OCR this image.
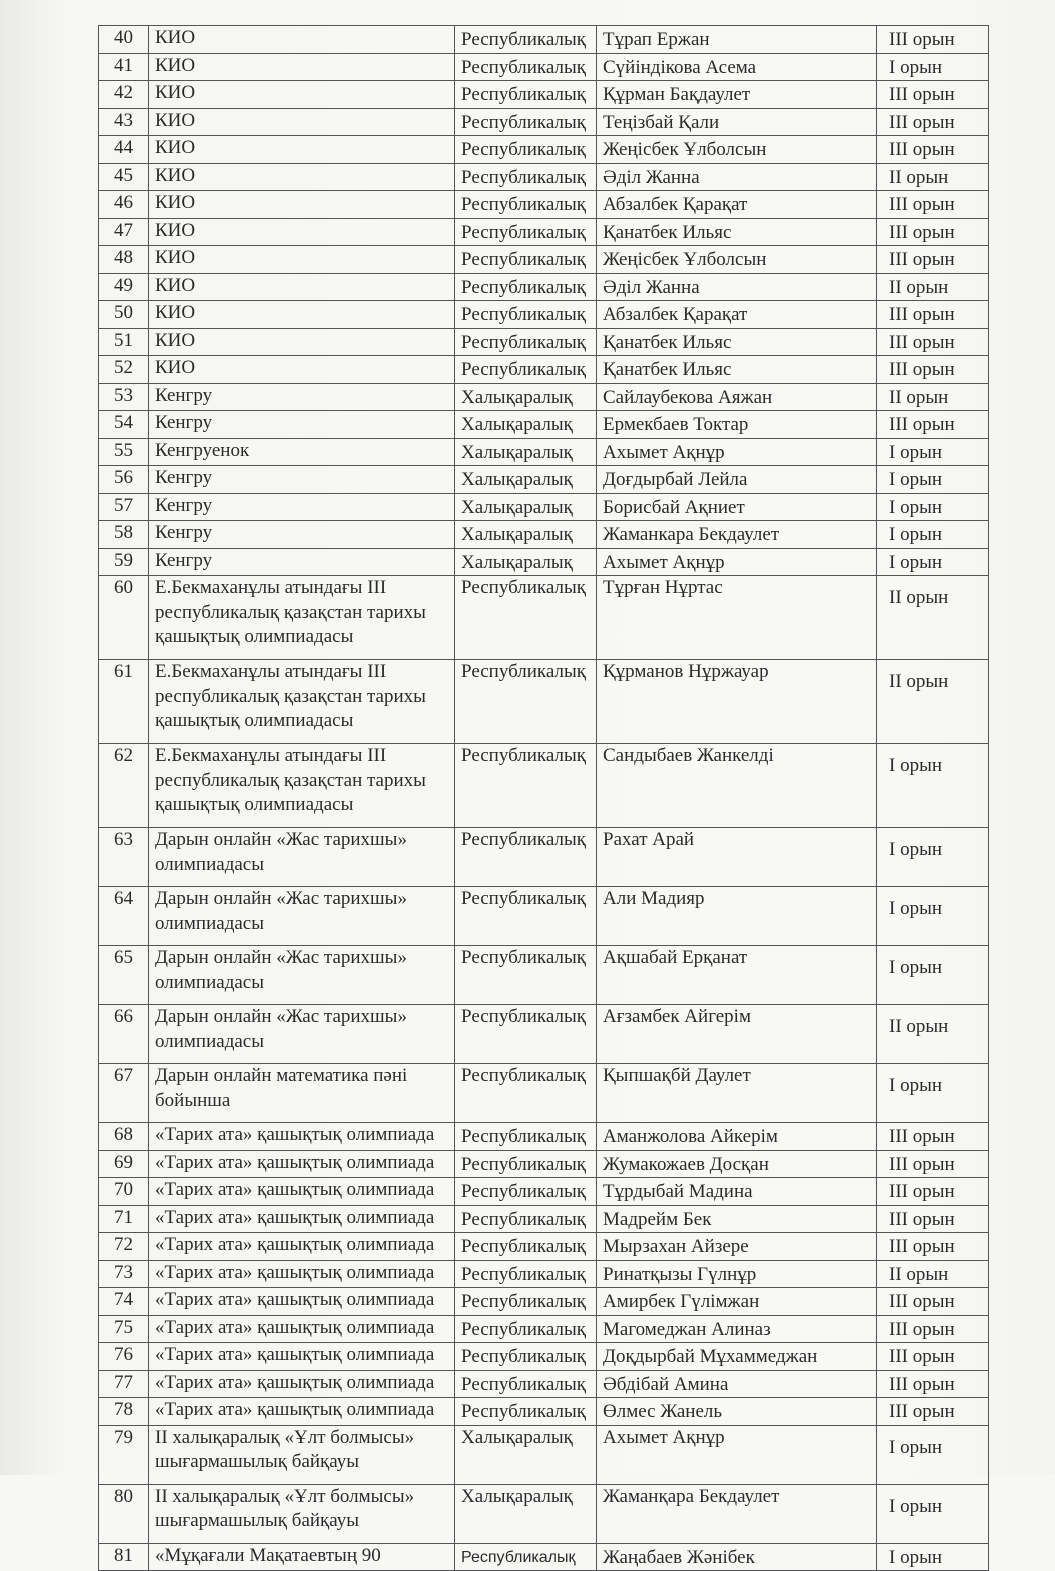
40	КИО	Республикалық	Тұрап Ержан	III орын
41	КИО	Республикалық	Сүйіндікова Асема	I орын
42	КИО	Республикалық	Құрман Бақдаулет	III орын
43	КИО	Республикалық	Теңізбай Қали	III орын
44	КИО	Республикалық	Жеңісбек Ұлболсын	III орын
45	КИО	Республикалық	Әділ Жанна	II орын
46	КИО	Республикалық	Абзалбек Қарақат	III орын
47	КИО	Республикалық	Қанатбек Ильяс	III орын
48	КИО	Республикалық	Жеңісбек Ұлболсын	III орын
49	КИО	Республикалық	Әділ Жанна	II орын
50	КИО	Республикалық	Абзалбек Қарақат	III орын
51	КИО	Республикалық	Қанатбек Ильяс	III орын
52	КИО	Республикалық	Қанатбек Ильяс	III орын
53	Кенгру	Халықаралық	Сайлаубекова Аяжан	II орын
54	Кенгру	Халықаралық	Ермекбаев Токтар	III орын
55	Кенгруенок	Халықаралық	Ахымет Ақнұр	I орын
56	Кенгру	Халықаралық	Доғдырбай Лейла	I орын
57	Кенгру	Халықаралық	Борисбай Ақниет	I орын
58	Кенгру	Халықаралық	Жаманкара Бекдаулет	I орын
59	Кенгру	Халықаралық	Ахымет Ақнұр	I орын
60	Е.Бекмаханұлы атындағы III республикалық қазақстан тарихы қашықтық олимпиадасы	Республикалық	Тұрған Нұртас	II орын
61	Е.Бекмаханұлы атындағы III республикалық қазақстан тарихы қашықтық олимпиадасы	Республикалық	Құрманов Нұржауар	II орын
62	Е.Бекмаханұлы атындағы III республикалық қазақстан тарихы қашықтық олимпиадасы	Республикалық	Сандыбаев Жанкелді	I орын
63	Дарын онлайн «Жас тарихшы» олимпиадасы	Республикалық	Рахат Арай	I орын
64	Дарын онлайн «Жас тарихшы» олимпиадасы	Республикалық	Али Мадияр	I орын
65	Дарын онлайн «Жас тарихшы» олимпиадасы	Республикалық	Ақшабай Ерқанат	I орын
66	Дарын онлайн «Жас тарихшы» олимпиадасы	Республикалық	Ағзамбек Айгерім	II орын
67	Дарын онлайн математика пәні бойынша	Республикалық	Қыпшақбй Даулет	I орын
68	«Тарих ата» қашықтық олимпиада	Республикалық	Аманжолова Айкерім	III орын
69	«Тарих ата» қашықтық олимпиада	Республикалық	Жумакожаев Досқан	III орын
70	«Тарих ата» қашықтық олимпиада	Республикалық	Тұрдыбай Мадина	III орын
71	«Тарих ата» қашықтық олимпиада	Республикалық	Мадрейм Бек	III орын
72	«Тарих ата» қашықтық олимпиада	Республикалық	Мырзахан Айзере	III орын
73	«Тарих ата» қашықтық олимпиада	Республикалық	Ринатқызы Гүлнұр	II орын
74	«Тарих ата» қашықтық олимпиада	Республикалық	Амирбек Гүлімжан	III орын
75	«Тарих ата» қашықтық олимпиада	Республикалық	Магомеджан Алиназ	III орын
76	«Тарих ата» қашықтық олимпиада	Республикалық	Доқдырбай Мұхаммеджан	III орын
77	«Тарих ата» қашықтық олимпиада	Республикалық	Әбдібай Амина	III орын
78	«Тарих ата» қашықтық олимпиада	Республикалық	Өлмес Жанель	III орын
79	II халықаралық «Ұлт болмысы» шығармашылық байқауы	Халықаралық	Ахымет Ақнұр	I орын
80	II халықаралық «Ұлт болмысы» шығармашылық байқауы	Халықаралық	Жаманқара Бекдаулет	I орын
81	«Мұқағали Мақатаевтың 90	Республикалық	Жаңабаев Жәнібек	I орын
